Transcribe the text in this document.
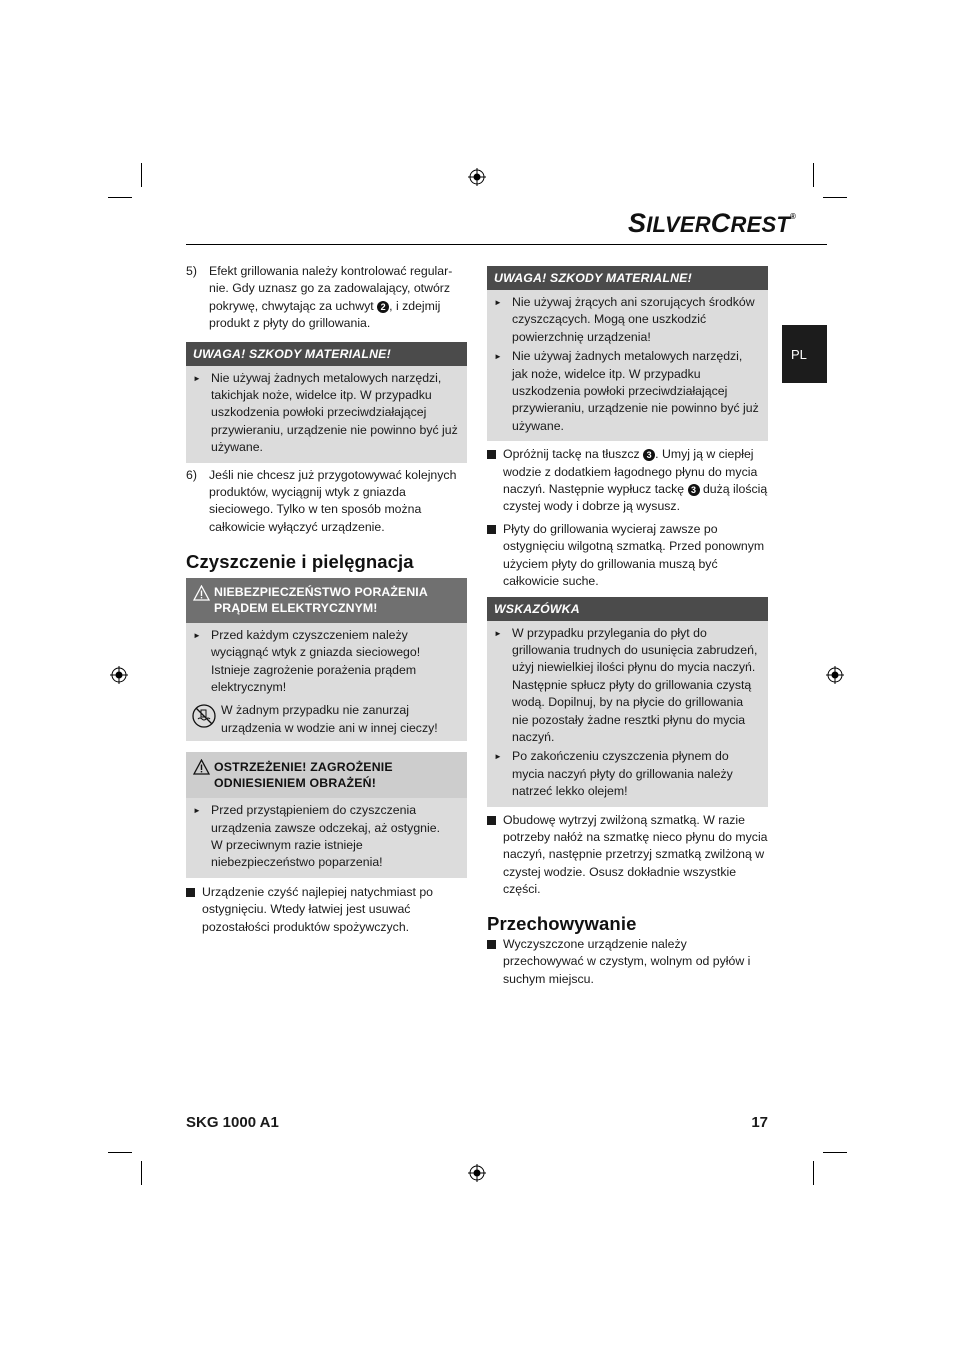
SILVERCREST®
PL
5) Efekt grillowania należy kontrolować regular-nie. Gdy uznasz go za zadowalający, otwórz pokrywę, chwytając za uchwyt 2 , i zdejmij produkt z płyty do grillowania.
UWAGA! SZKODY MATERIALNE!
► Nie używaj żadnych metalowych narzędzi, takichjak noże, widelce itp. W przypadku uszkodzenia powłoki przeciwdziałającej przywieraniu, urządzenie nie powinno być już używane.
6) Jeśli nie chcesz już przygotowywać kolejnych produktów, wyciągnij wtyk z gniazda sieciowego. Tylko w ten sposób można całkowicie wyłączyć urządzenie.
Czyszczenie i pielęgnacja
NIEBEZPIECZEŃSTWO PORAŻENIA
PRĄDEM ELEKTRYCZNYM!
► Przed każdym czyszczeniem należy wyciągnąć wtyk z gniazda sieciowego! Istnieje zagrożenie porażenia prądem elektrycznym!
W żadnym przypadku nie zanurzaj urządzenia w wodzie ani w innej cieczy!
OSTRZEŻENIE! ZAGROŻENIE
ODNIESIENIEM OBRAŻEŃ!
► Przed przystąpieniem do czyszczenia urządzenia zawsze odczekaj, aż ostygnie.
W przeciwnym razie istnieje niebezpieczeństwo poparzenia!
Urządzenie czyść najlepiej natychmiast po ostygnięciu. Wtedy łatwiej jest usuwać pozostałości produktów spożywczych.
UWAGA! SZKODY MATERIALNE!
► Nie używaj żrących ani szorujących środków czyszczących. Mogą one uszkodzić powierzchnię urządzenia!
► Nie używaj żadnych metalowych narzędzi, jak noże, widelce itp. W przypadku uszkodzenia powłoki przeciwdziałającej przywieraniu, urządzenie nie powinno być już używane.
Opróżnij tackę na tłuszcz 3 . Umyj ją w ciepłej wodzie z dodatkiem łagodnego płynu do mycia naczyń. Następnie wypłucz tackę 3 dużą ilością czystej wody i dobrze ją wysusz.
Płyty do grillowania wycieraj zawsze po ostygnięciu wilgotną szmatką. Przed ponownym użyciem płyty do grillowania muszą być całkowicie suche.
WSKAZÓWKA
► W przypadku przylegania do płyt do grillowania trudnych do usunięcia zabrudzeń, użyj niewielkiej ilości płynu do mycia naczyń. Następnie spłucz płyty do grillowania czystą wodą. Dopilnuj, by na płycie do grillowania nie pozostały żadne resztki płynu do mycia naczyń.
► Po zakończeniu czyszczenia płynem do mycia naczyń płyty do grillowania należy natrzeć lekko olejem!
Obudowę wytrzyj zwilżoną szmatką. W razie potrzeby nałóż na szmatkę nieco płynu do mycia naczyń, następnie przetrzyj szmatką zwilżoną w czystej wodzie. Osusz dokładnie wszystkie części.
Przechowywanie
Wyczyszczone urządzenie należy przechowywać w czystym, wolnym od pyłów i suchym miejscu.
SKG 1000 A1	17
